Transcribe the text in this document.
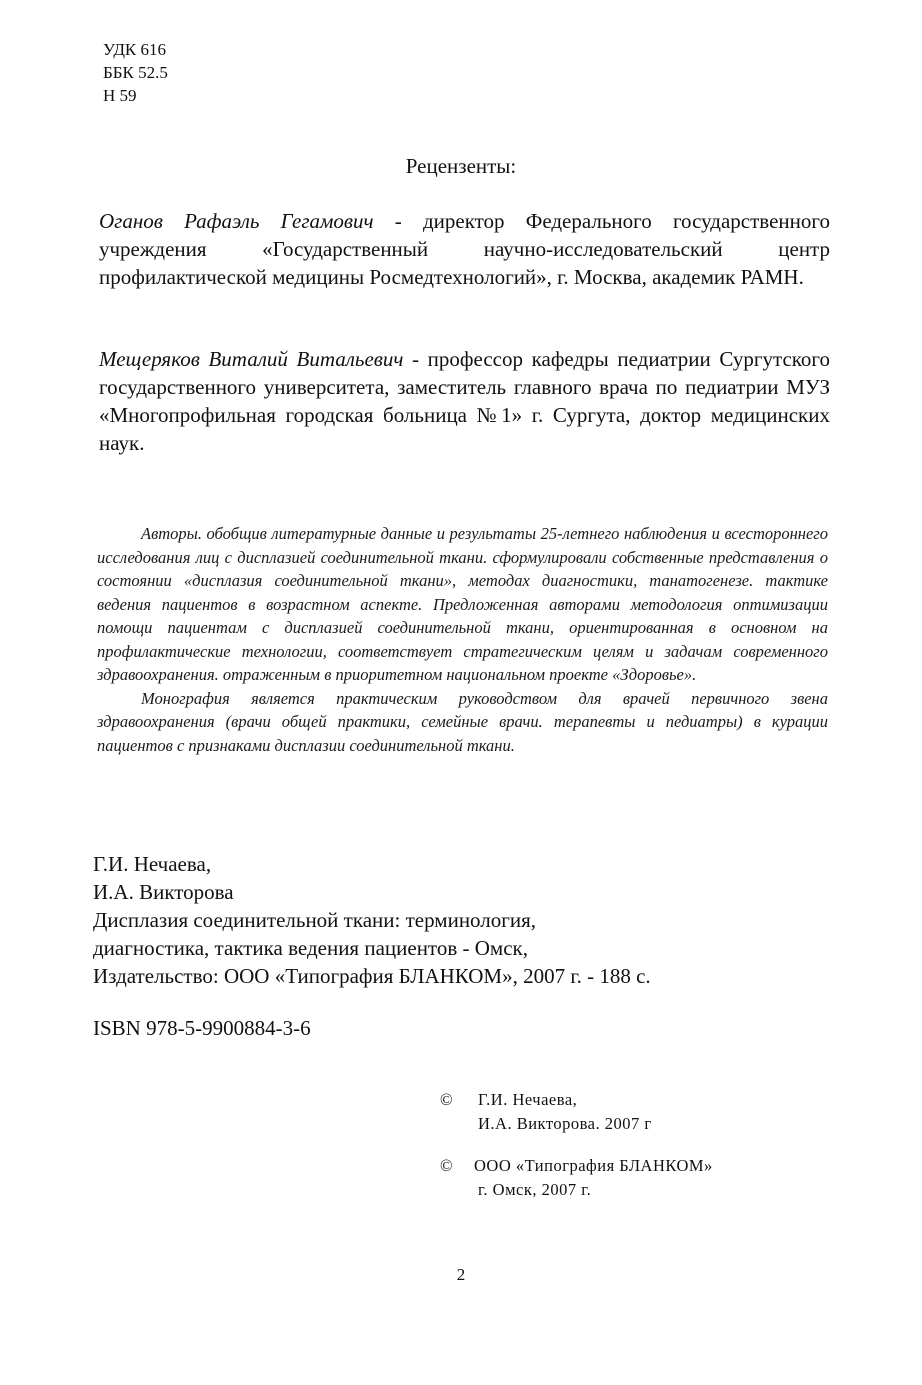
УДК 616
ББК 52.5
Н 59
Рецензенты:
Оганов Рафаэль Гегамович - директор Федерального государственного учреждения «Государственный научно-исследовательский центр профилактической медицины Росмедтехнологий», г. Москва, академик РАМН.
Мещеряков Виталий Витальевич - профессор кафедры педиатрии Сургутского государственного университета, заместитель главного врача по педиатрии МУЗ «Многопрофильная городская больница №1» г. Сургута, доктор медицинских наук.

Авторы. обобщив литературные данные и результаты 25-летнего наблюдения и всестороннего исследования лиц с дисплазией соединительной ткани. сформулировали собственные представления о состоянии «дисплазия соединительной ткани», методах диагностики, танатогенезе. тактике ведения пациентов в возрастном аспекте. Предложенная авторами методология оптимизации помощи пациентам с дисплазией соединительной ткани, ориентированная в основном на профилактические технологии, соответствует стратегическим целям и задачам современного здравоохранения. отраженным в приоритетном национальном проекте «Здоровье».

Монография является практическим руководством для врачей первичного звена здравоохранения (врачи общей практики, семейные врачи. терапевты и педиатры) в курации пациентов с признаками дисплазии соединительной ткани.

Г.И. Нечаева,
И.А. Викторова
Дисплазия соединительной ткани: терминология,
диагностика, тактика ведения пациентов - Омск,
Издательство: ООО «Типография БЛАНКОМ», 2007 г. - 188 с.
ISBN 978-5-9900884-3-6
© Г.И. Нечаева,
И.А. Викторова. 2007 г
© ООО «Типография БЛАНКОМ»
г. Омск, 2007 г.
2
